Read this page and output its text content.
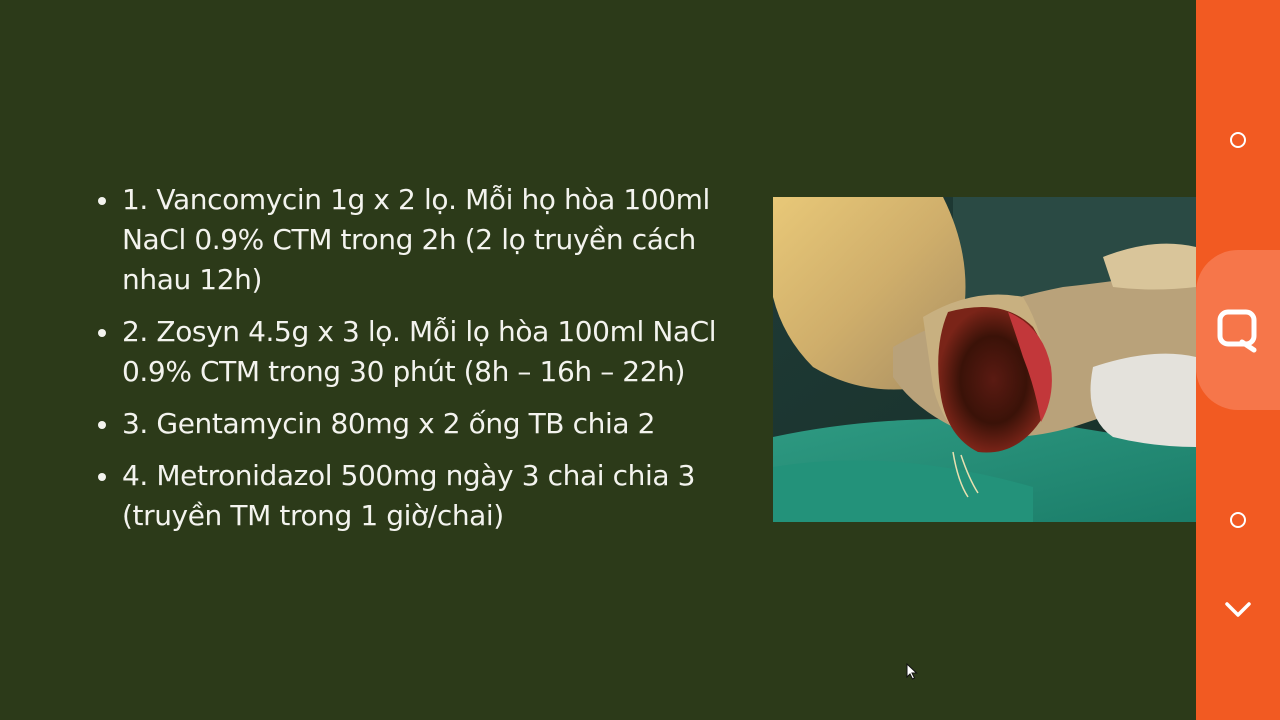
1. Vancomycin 1g x 2 lọ. Mỗi họ hòa 100ml NaCl 0.9% CTM trong 2h (2 lọ truyền cách nhau 12h)
2. Zosyn 4.5g x 3 lọ. Mỗi lọ hòa 100ml NaCl 0.9% CTM trong 30 phút (8h – 16h – 22h)
3. Gentamycin 80mg x 2 ống TB chia 2
4. Metronidazol 500mg ngày 3 chai chia 3 (truyền TM trong 1 giờ/chai)
